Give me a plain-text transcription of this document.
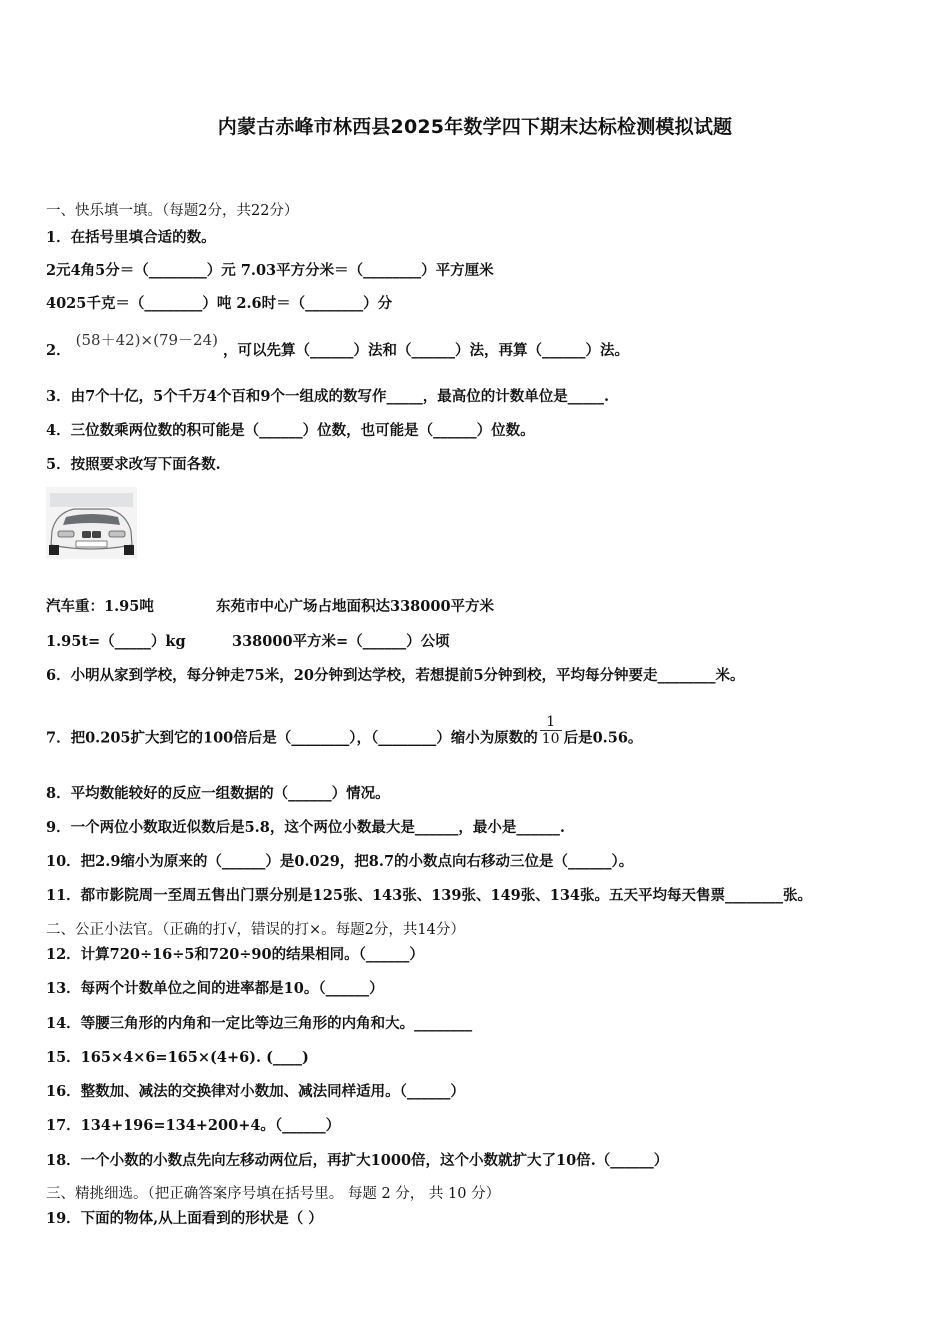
内蒙古赤峰市林西县2025年数学四下期末达标检测模拟试题
一、快乐填一填。（每题2分，共22分）
1．在括号里填合适的数。
2元4角5分＝（________）元 7.03平方分米＝（________）平方厘米
4025千克＝（________）吨 2.6时＝（________）分
2． (58＋42)×(79－24) ，可以先算（______）法和（______）法，再算（______）法。
3．由7个十亿，5个千万4个百和9个一组成的数写作_____，最高位的计数单位是_____.
4．三位数乘两位数的积可能是（______）位数，也可能是（______）位数。
5．按照要求改写下面各数.
汽车重：1.95吨	东苑市中心广场占地面积达338000平方米
1.95t=（_____）kg	338000平方米=（______）公顷
6．小明从家到学校，每分钟走75米，20分钟到达学校，若想提前5分钟到校，平均每分钟要走________米。
7．把0.205扩大到它的100倍后是（________），（________）缩小为原数的 $\frac{1}{10}$ 后是0.56。
8．平均数能较好的反应一组数据的（______）情况。
9．一个两位小数取近似数后是5.8，这个两位小数最大是______，最小是______.
10．把2.9缩小为原来的（______）是0.029，把8.7的小数点向右移动三位是（______）。
11．都市影院周一至周五售出门票分别是125张、143张、139张、149张、134张。五天平均每天售票________张。
二、公正小法官。（正确的打√，错误的打×。每题2分，共14分）
12．计算720÷16÷5和720÷90的结果相同。（______）
13．每两个计数单位之间的进率都是10。（______）
14．等腰三角形的内角和一定比等边三角形的内角和大。________
15．165×4×6=165×(4+6). (____)
16．整数加、减法的交换律对小数加、减法同样适用。（______）
17．134+196=134+200+4。（______）
18．一个小数的小数点先向左移动两位后，再扩大1000倍，这个小数就扩大了10倍.（______）
三、精挑细选。（把正确答案序号填在括号里。 每题 2 分， 共 10 分）
19．下面的物体,从上面看到的形状是（ ）
